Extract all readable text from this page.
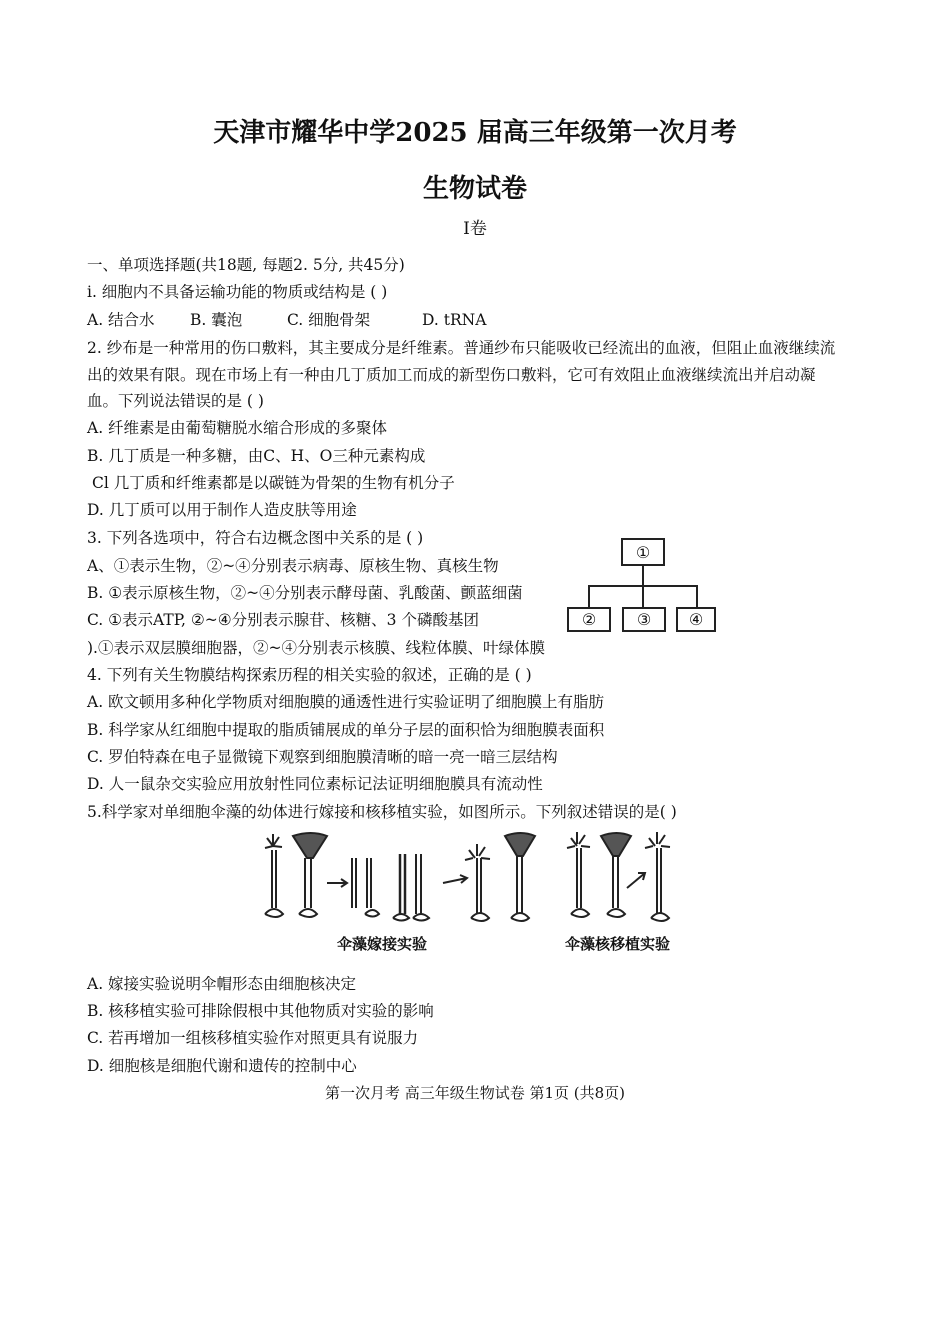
天津市耀华中学2025 届高三年级第一次月考
生物试卷
Ⅰ卷
一、单项选择题(共18题, 每题2. 5分, 共45分)
i. 细胞内不具备运输功能的物质或结构是 ( )
A. 结合水 B. 囊泡	C. 细胞骨架	D. tRNA
2. 纱布是一种常用的伤口敷料，其主要成分是纤维素。普通纱布只能吸收已经流出的血液，但阻止血液继续流
出的效果有限。现在市场上有一种由几丁质加工而成的新型伤口敷料，它可有效阻止血液继续流出并启动凝
血。下列说法错误的是 ( )
A. 纤维素是由葡萄糖脱水缩合形成的多聚体
B. 几丁质是一种多糖，由C、H、O三种元素构成
Cl 几丁质和纤维素都是以碳链为骨架的生物有机分子
D. 几丁质可以用于制作人造皮肤等用途
3. 下列各选项中，符合右边概念图中关系的是 ( )
A、①表示生物，②~④分别表示病毒、原核生物、真核生物
B. ①表示原核生物，②~④分别表示酵母菌、乳酸菌、颤蓝细菌
C. ①表示ATP, ②~④分别表示腺苷、核糖、3 个磷酸基团
).①表示双层膜细胞器，②~④分别表示核膜、线粒体膜、叶绿体膜
①
②	③	④
4. 下列有关生物膜结构探索历程的相关实验的叙述，正确的是 ( )
A. 欧文顿用多种化学物质对细胞膜的通透性进行实验证明了细胞膜上有脂肪
B. 科学家从红细胞中提取的脂质铺展成的单分子层的面积恰为细胞膜表面积
C. 罗伯特森在电子显微镜下观察到细胞膜清晰的暗一亮一暗三层结构
D. 人一鼠杂交实验应用放射性同位素标记法证明细胞膜具有流动性
5.科学家对单细胞伞藻的幼体进行嫁接和核移植实验，如图所示。下列叙述错误的是( )
伞藻嫁接实验	伞藻核移植实验
A. 嫁接实验说明伞帽形态由细胞核决定
B. 核移植实验可排除假根中其他物质对实验的影响
C. 若再增加一组核移植实验作对照更具有说服力
D. 细胞核是细胞代谢和遗传的控制中心
第一次月考 高三年级生物试卷 第1页 (共8页)
